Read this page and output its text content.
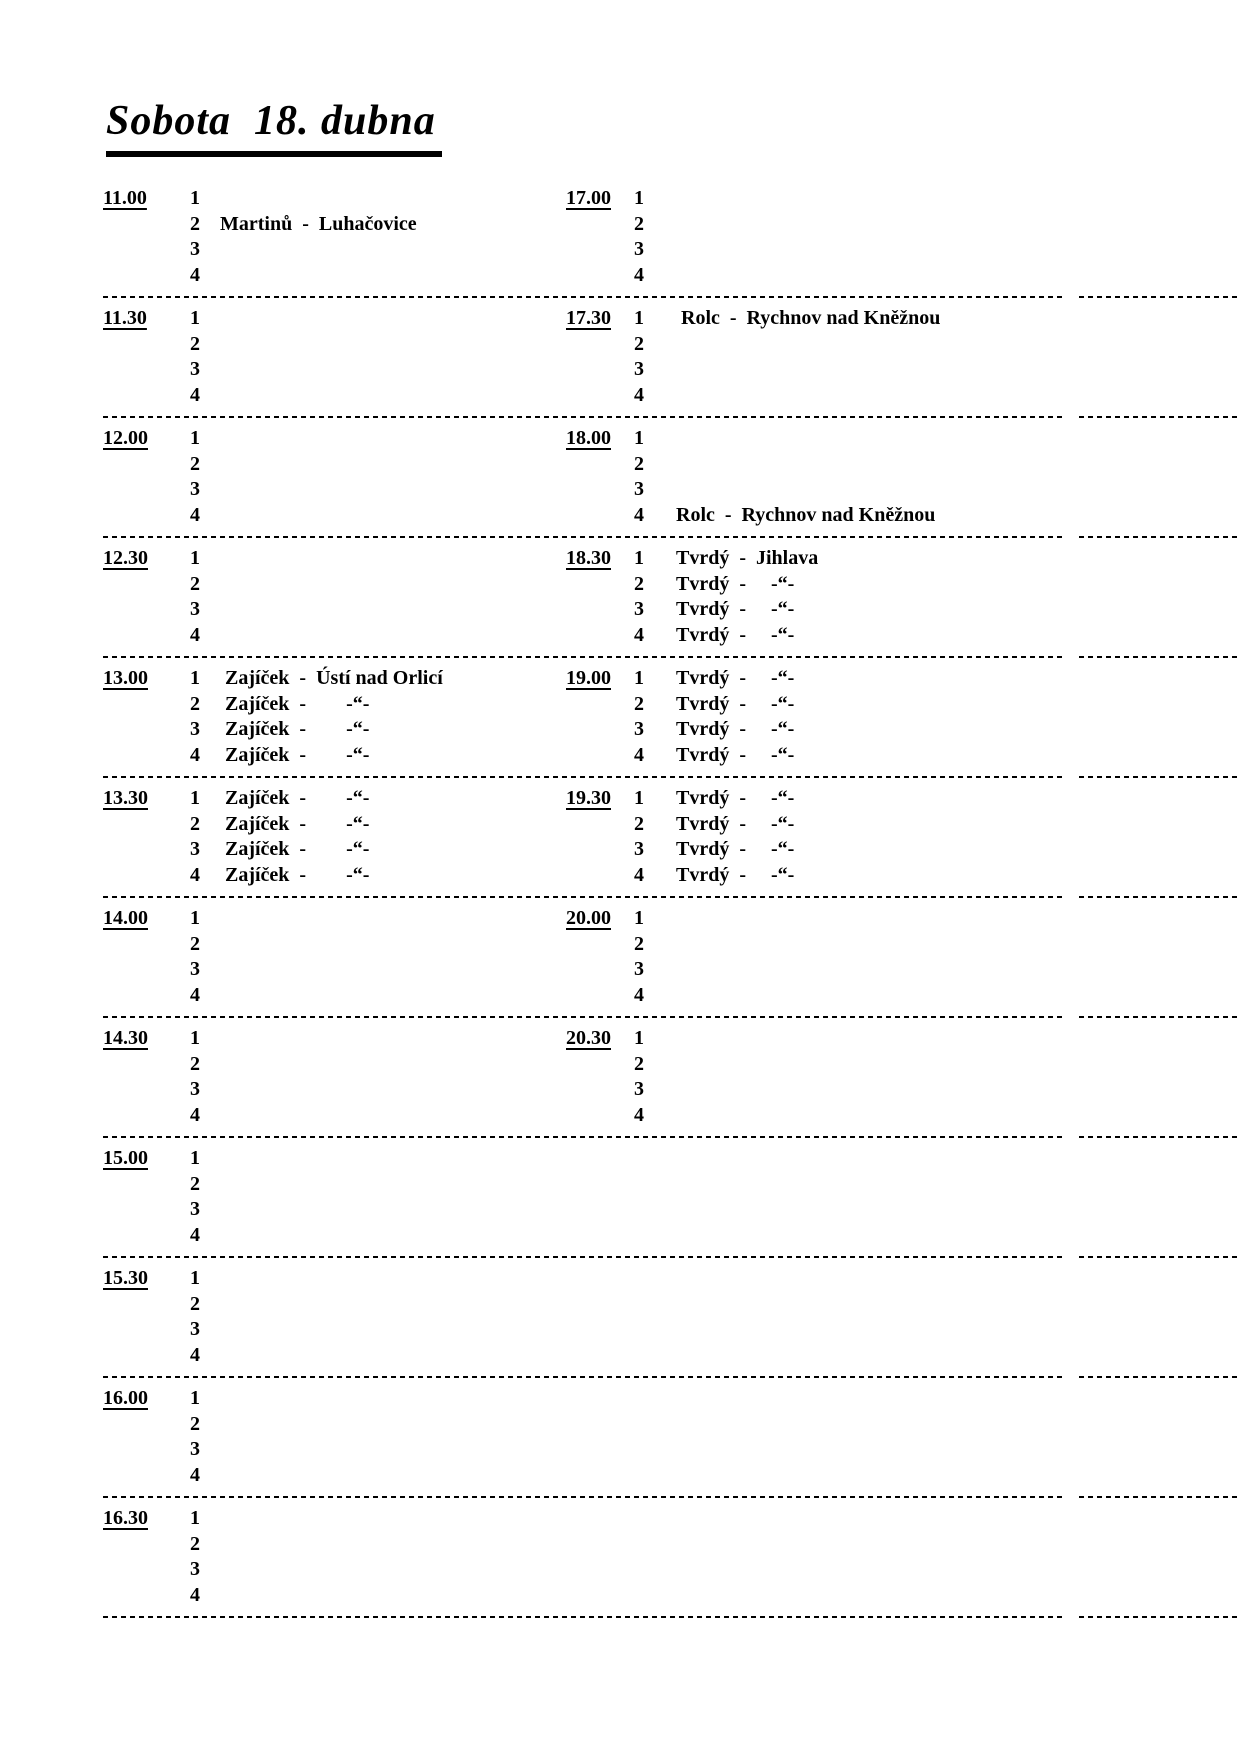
Sobota  18. dubna
11.00	1
2	Martinů  -  Luhačovice
3
4
17.00	1
2
3
4
11.30	1
2
3
4
17.30	1	Rolc  -  Rychnov nad Kněžnou
2
3
4
12.00	1
2
3
4
18.00	1
2
3
4	Rolc  -  Rychnov nad Kněžnou
12.30	1
2
3
4
18.30	1	Tvrdý  -  Jihlava
2	Tvrdý  -     -“-
3	Tvrdý  -     -“-
4	Tvrdý  -     -“-
13.00	1	Zajíček  -  Ústí nad Orlicí
2	Zajíček  -        -“-
3	Zajíček  -        -“-
4	Zajíček  -        -“-
19.00	1	Tvrdý  -     -“-
2	Tvrdý  -     -“-
3	Tvrdý  -     -“-
4	Tvrdý  -     -“-
13.30	1	Zajíček  -        -“-
2	Zajíček  -        -“-
3	Zajíček  -        -“-
4	Zajíček  -        -“-
19.30	1	Tvrdý  -     -“-
2	Tvrdý  -     -“-
3	Tvrdý  -     -“-
4	Tvrdý  -     -“-
14.00	1
2
3
4
20.00	1
2
3
4
14.30	1
2
3
4
20.30	1
2
3
4
15.00	1
2
3
4
15.30	1
2
3
4
16.00	1
2
3
4
16.30	1
2
3
4
